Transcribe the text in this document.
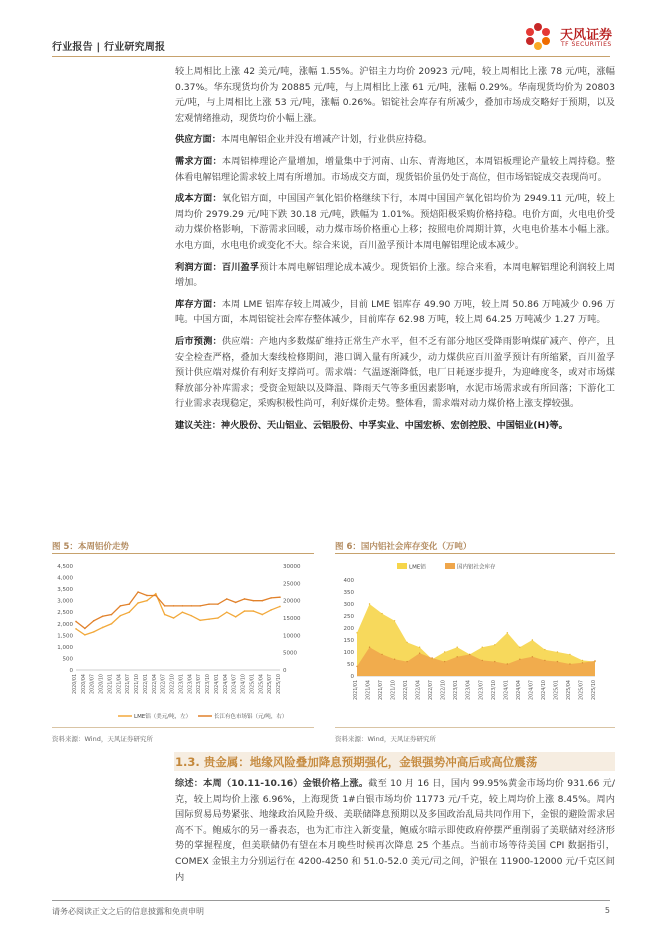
行业报告 | 行业研究周报
天风证券
TF SECURITIES

较上周相比上涨 42 美元/吨，涨幅 1.55%。沪铝主力均价 20923 元/吨，较上周相比上涨 78 元/吨，涨幅 0.37%。华东现货均价为 20885 元/吨，与上周相比上涨 61 元/吨，涨幅 0.29%。华南现货均价为 20803 元/吨，与上周相比上涨 53 元/吨，涨幅 0.26%。铝锭社会库存有所减少，叠加市场成交略好于预期，以及宏观情绪推动，现货均价小幅上涨。

供应方面：本周电解铝企业并没有增减产计划，行业供应持稳。

需求方面：本周铝棒理论产量增加，增量集中于河南、山东、青海地区，本周铝板理论产量较上周持稳。整体看电解铝理论需求较上周有所增加。市场成交方面，现货铝价虽仍处于高位，但市场铝锭成交表现尚可。

成本方面：氧化铝方面，中国国产氧化铝价格继续下行，本周中国国产氧化铝均价为 2949.11 元/吨，较上周均价 2979.29 元/吨下跌 30.18 元/吨，跌幅为 1.01%。预焙阳极采购价格持稳。电价方面，火电电价受动力煤价格影响，下游需求回暖，动力煤市场价格重心上移；按照电价周期计算，火电电价基本小幅上涨。水电方面，水电电价或变化不大。综合来说，百川盈孚预计本周电解铝理论成本减少。

利润方面：百川盈孚预计本周电解铝理论成本减少。现货铝价上涨。综合来看，本周电解铝理论利润较上周增加。

库存方面：本周 LME 铝库存较上周减少，目前 LME 铝库存 49.90 万吨，较上周 50.86 万吨减少 0.96 万吨。中国方面，本周铝锭社会库存整体减少，目前库存 62.98 万吨，较上周 64.25 万吨减少 1.27 万吨。

后市预测：供应端：产地内多数煤矿维持正常生产水平，但不乏有部分地区受降雨影响煤矿减产、停产，且安全检查严格，叠加大秦线检修期间，港口调入量有所减少，动力煤供应百川盈孚预计有所缩紧，百川盈孚预计供应端对煤价有利好支撑尚可。需求端：气温逐渐降低，电厂日耗逐步提升，为迎峰度冬，或对市场煤释放部分补库需求；受资金短缺以及降温、降雨天气等多重因素影响，水泥市场需求或有所回落；下游化工行业需求表现稳定，采购积极性尚可，利好煤价走势。整体看，需求端对动力煤价格上涨支撑较强。

建议关注：神火股份、天山铝业、云铝股份、中孚实业、中国宏桥、宏创控股、中国铝业(H)等。

图 5：本周铝价走势
0
500
1,000
1,500
2,000
2,500
3,000
3,500
4,000
4,500
0
5000
10000
15000
20000
25000
30000
2020/01 2020/04 2020/07 2020/10 2021/01 2021/04 2021/07 2021/10 2022/01 2022/04 2022/07 2022/10 2023/01 2023/04 2023/07 2023/10 2024/01 2024/04 2024/07 2024/10 2025/01 2025/04 2025/07 2025/10
LME铝（美元/吨，左）	长江有色市场铝（元/吨，右）
资料来源：Wind，天风证券研究所
图 6：国内铝社会库存变化（万吨）
0
50
100
150
200
250
300
350
400
2021/01 2021/04 2021/07 2021/10 2022/01 2022/04 2022/07 2022/10 2023/01 2023/04 2023/07 2023/10 2024/01 2024/04 2024/07 2024/10 2025/01 2025/04 2025/07 2025/10
LME铝	国内铝社会库存
资料来源：Wind，天风证券研究所
1.3. 贵金属：地缘风险叠加降息预期强化，金银强势冲高后或高位震荡

综述：本周（10.11-10.16）金银价格上涨。截至 10 月 16 日，国内 99.95%黄金市场均价 931.66 元/克，较上周均价上涨 6.96%，上海现货 1#白银市场均价 11773 元/千克，较上周均价上涨 8.45%。周内国际贸易局势紧张、地缘政治风险升级、美联储降息预期以及多国政治乱局共同作用下，金银的避险需求居高不下。鲍威尔的另一番表态，也为汇市注入新变量，鲍威尔暗示即使政府停摆严重削弱了美联储对经济形势的掌握程度，但美联储仍有望在本月晚些时候再次降息 25 个基点。当前市场等待美国 CPI 数据指引，COMEX 金银主力分别运行在 4200-4250 和 51.0-52.0 美元/司之间，沪银在 11900-12000 元/千克区间内

请务必阅读正文之后的信息披露和免责申明	5
